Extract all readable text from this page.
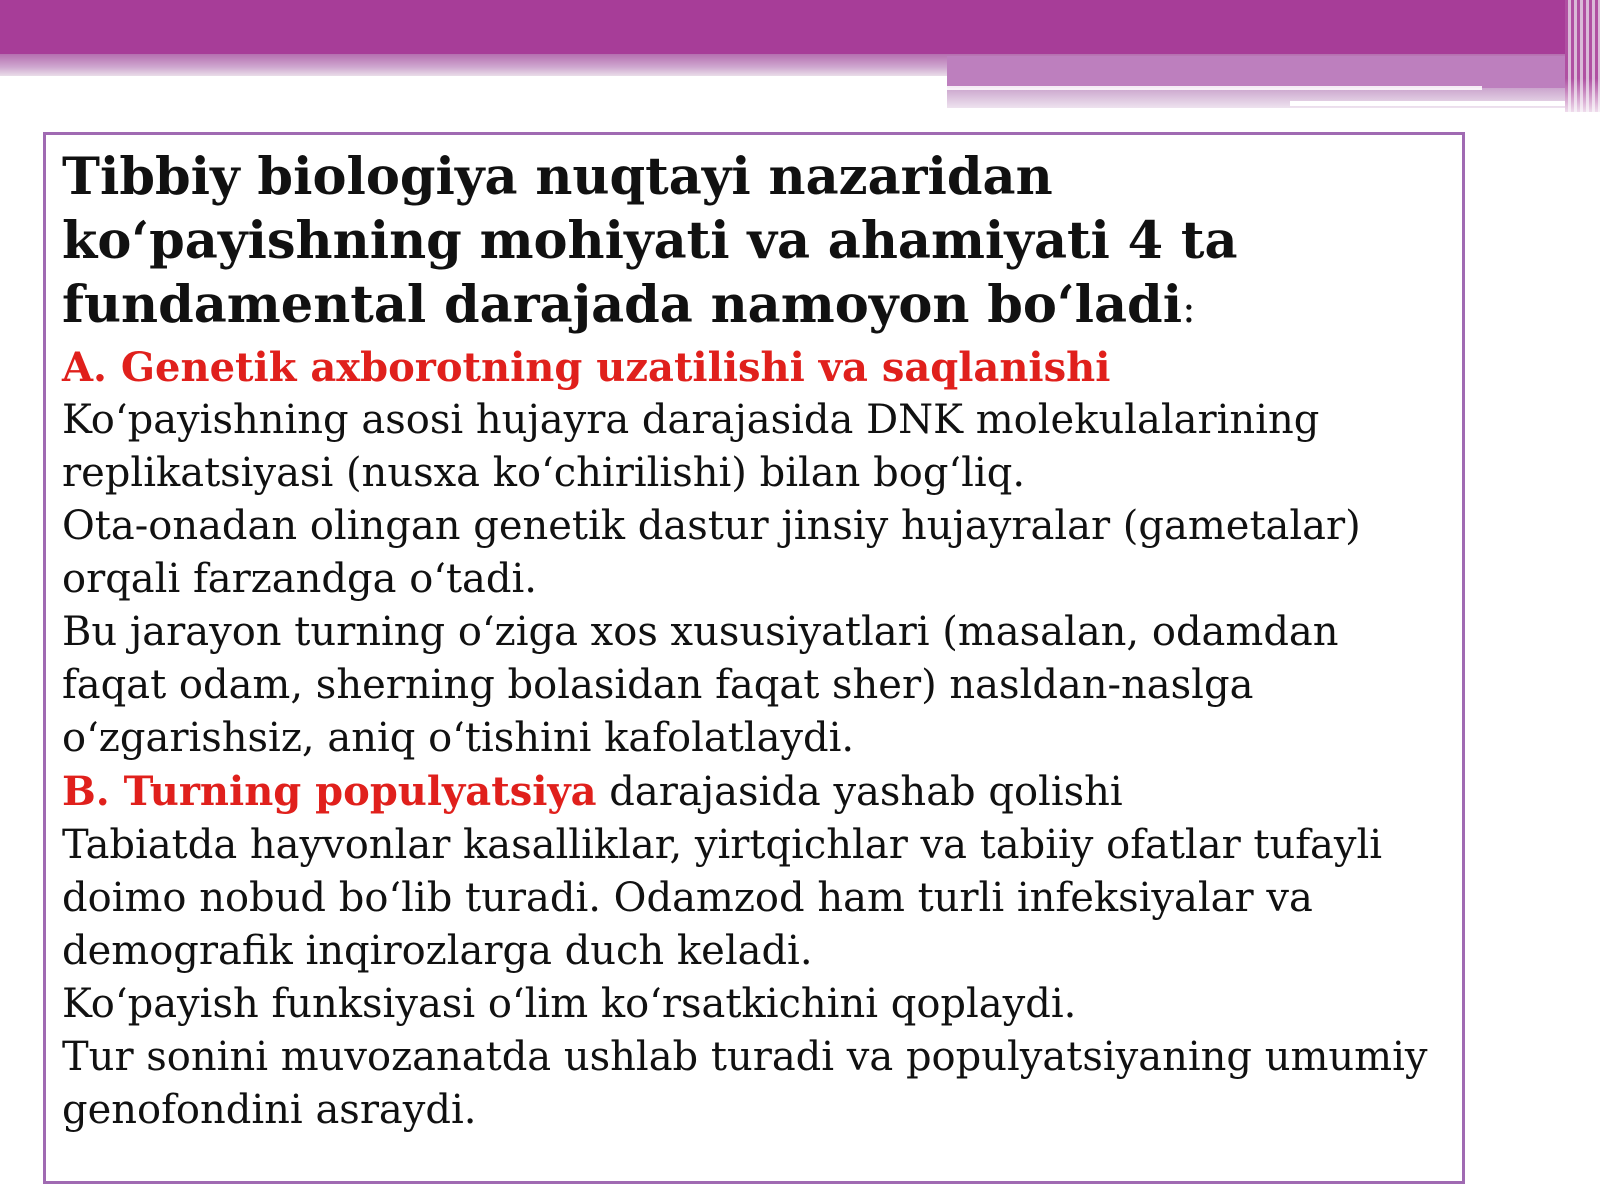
Tibbiy biologiya nuqtayi nazaridan ko‘payishning mohiyati va ahamiyati 4 ta fundamental darajada namoyon bo‘ladi:

A. Genetik axborotning uzatilishi va saqlanishi

Ko‘payishning asosi hujayra darajasida DNK molekulalarining replikatsiyasi (nusxa ko‘chirilishi) bilan bog‘liq.

Ota-onadan olingan genetik dastur jinsiy hujayralar (gametalar) orqali farzandga o‘tadi.

Bu jarayon turning o‘ziga xos xususiyatlari (masalan, odamdan faqat odam, sherning bolasidan faqat sher) nasldan-naslga o‘zgarishsiz, aniq o‘tishini kafolatlaydi.

B. Turning populyatsiya darajasida yashab qolishi

Tabiatda hayvonlar kasalliklar, yirtqichlar va tabiiy ofatlar tufayli doimo nobud bo‘lib turadi. Odamzod ham turli infeksiyalar va demografik inqirozlarga duch keladi.

Ko‘payish funksiyasi o‘lim ko‘rsatkichini qoplaydi.

Tur sonini muvozanatda ushlab turadi va populyatsiyaning umumiy genofondini asraydi.
